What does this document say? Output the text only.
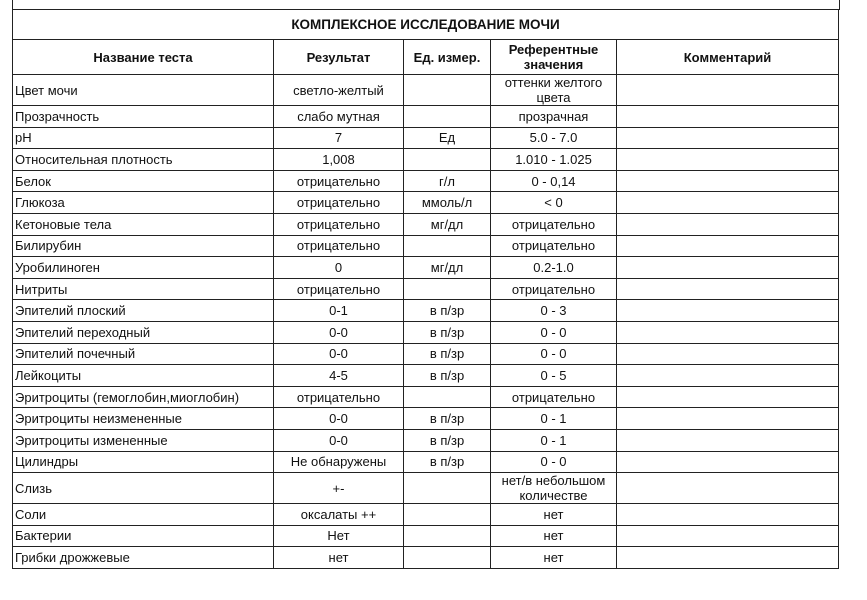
КОМПЛЕКСНОЕ ИССЛЕДОВАНИЕ МОЧИ				
Название теста	Результат	Ед. измер.	Референтные значения	Комментарий
Цвет мочи	светло-желтый		оттенки желтого цвета	
Прозрачность	слабо мутная		прозрачная	
pH	7	Ед	5.0 - 7.0	
Относительная плотность	1,008		1.010 - 1.025	
Белок	отрицательно	г/л	0 - 0,14	
Глюкоза	отрицательно	ммоль/л	< 0	
Кетоновые тела	отрицательно	мг/дл	отрицательно	
Билирубин	отрицательно		отрицательно	
Уробилиноген	0	мг/дл	0.2-1.0	
Нитриты	отрицательно		отрицательно	
Эпителий плоский	0-1	в п/зр	0 - 3	
Эпителий переходный	0-0	в п/зр	0 - 0	
Эпителий почечный	0-0	в п/зр	0 - 0	
Лейкоциты	4-5	в п/зр	0 - 5	
Эритроциты (гемоглобин,миоглобин)	отрицательно		отрицательно	
Эритроциты неизмененные	0-0	в п/зр	0 - 1	
Эритроциты измененные	0-0	в п/зр	0 - 1	
Цилиндры	Не обнаружены	в п/зр	0 - 0	
Слизь	+-		нет/в небольшом количестве	
Соли	оксалаты ++		нет	
Бактерии	Нет		нет	
Грибки дрожжевые	нет		нет	
